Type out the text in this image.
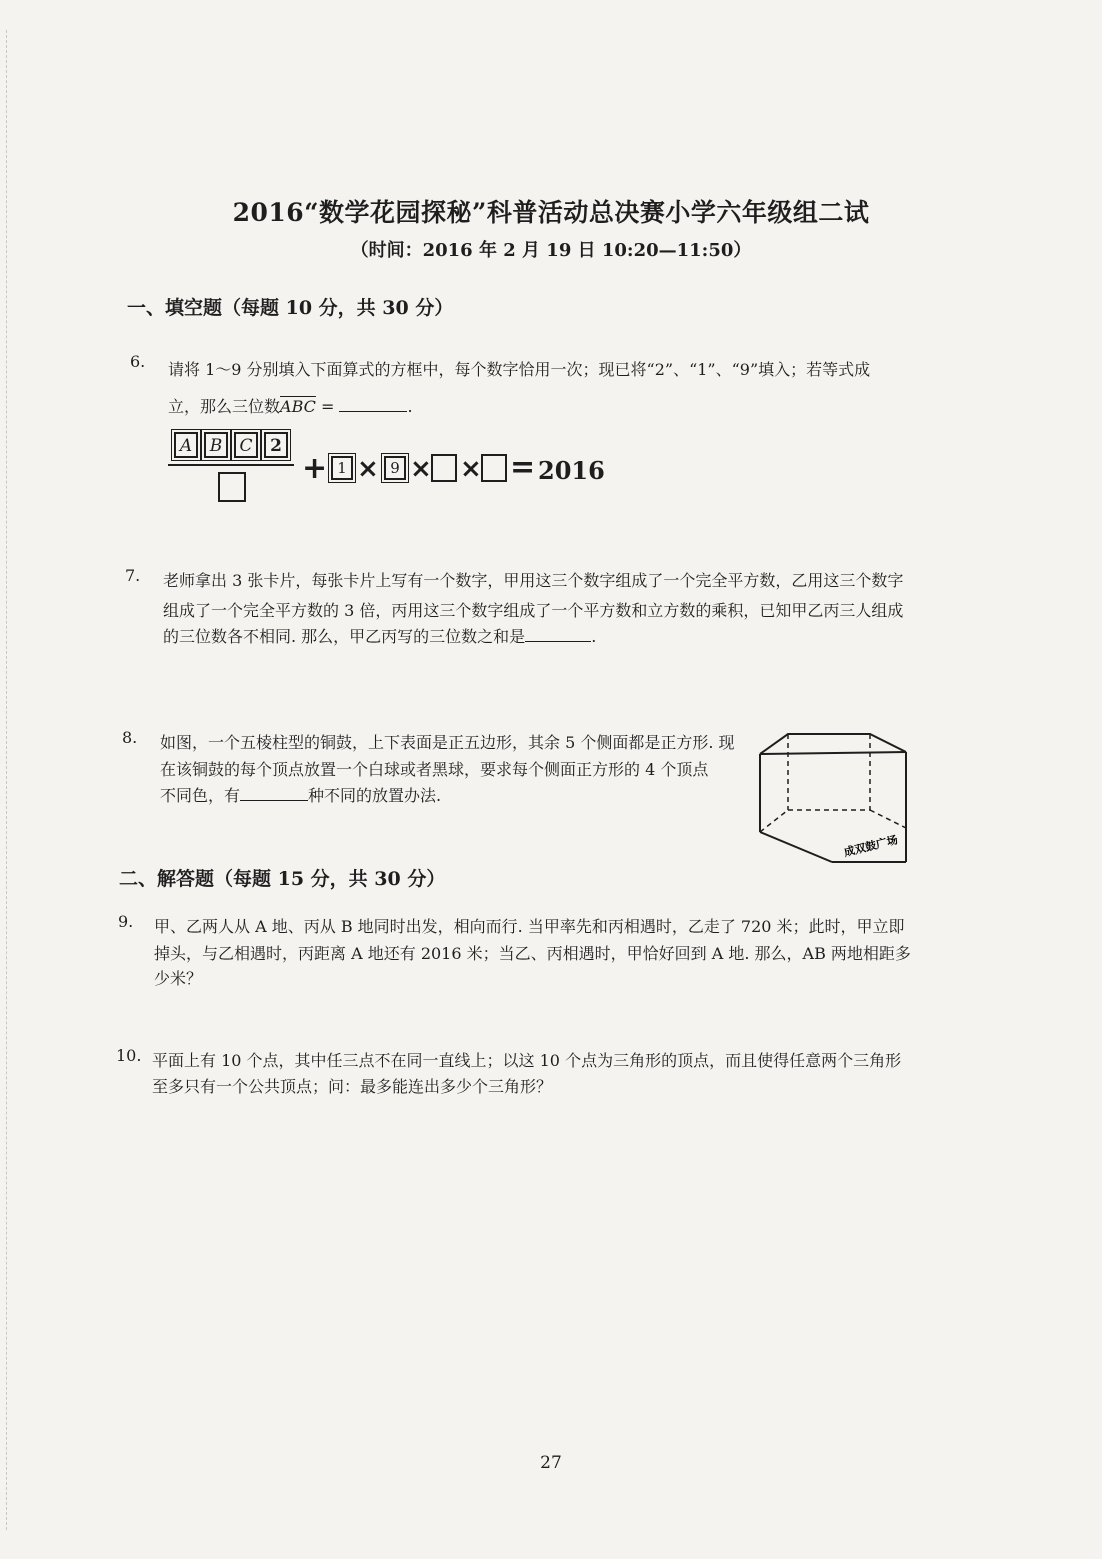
2016“数学花园探秘”科普活动总决赛小学六年级组二试
（时间：2016 年 2 月 19 日 10:20—11:50）
一、填空题（每题 10 分，共 30 分）
6. 请将 1～9 分别填入下面算式的方框中，每个数字恰用一次；现已将“2”、“1”、“9”填入；若等式成
立，那么三位数$\overline{ABC}$ =	.
A	B	C	2
+ 1 × 9 × × = 2016
7. 老师拿出 3 张卡片，每张卡片上写有一个数字，甲用这三个数字组成了一个完全平方数，乙用这三个数字
组成了一个完全平方数的 3 倍，丙用这三个数字组成了一个平方数和立方数的乘积，已知甲乙丙三人组成
的三位数各不相同. 那么，甲乙丙写的三位数之和是	.
8. 如图，一个五棱柱型的铜鼓，上下表面是正五边形，其余 5 个侧面都是正方形. 现
在该铜鼓的每个顶点放置一个白球或者黑球，要求每个侧面正方形的 4 个顶点
不同色，有	种不同的放置办法.
成双鼓广场
二、解答题（每题 15 分，共 30 分）
9. 甲、乙两人从 A 地、丙从 B 地同时出发，相向而行. 当甲率先和丙相遇时，乙走了 720 米；此时，甲立即
掉头，与乙相遇时，丙距离 A 地还有 2016 米；当乙、丙相遇时，甲恰好回到 A 地. 那么，AB 两地相距多
少米？
10. 平面上有 10 个点，其中任三点不在同一直线上；以这 10 个点为三角形的顶点，而且使得任意两个三角形
至多只有一个公共顶点；问：最多能连出多少个三角形？
27
